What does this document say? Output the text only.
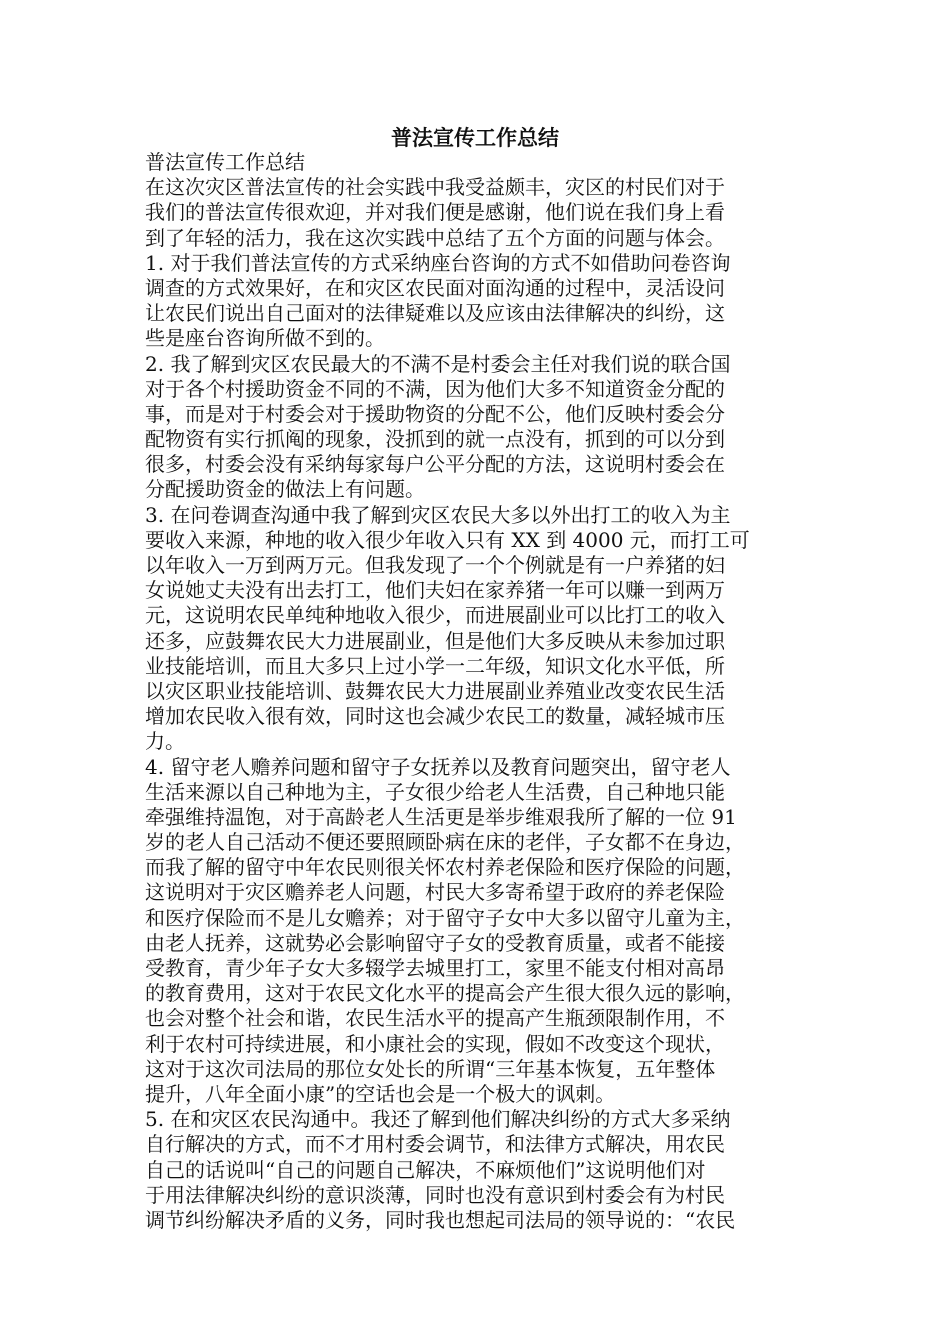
普法宣传工作总结
普法宣传工作总结
在这次灾区普法宣传的社会实践中我受益颇丰，灾区的村民们对于
我们的普法宣传很欢迎，并对我们便是感谢，他们说在我们身上看
到了年轻的活力，我在这次实践中总结了五个方面的问题与体会。
1. 对于我们普法宣传的方式采纳座台咨询的方式不如借助问卷咨询
调查的方式效果好，在和灾区农民面对面沟通的过程中，灵活设问
让农民们说出自己面对的法律疑难以及应该由法律解决的纠纷，这
些是座台咨询所做不到的。
2. 我了解到灾区农民最大的不满不是村委会主任对我们说的联合国
对于各个村援助资金不同的不满，因为他们大多不知道资金分配的
事，而是对于村委会对于援助物资的分配不公，他们反映村委会分
配物资有实行抓阄的现象，没抓到的就一点没有，抓到的可以分到
很多，村委会没有采纳每家每户公平分配的方法，这说明村委会在
分配援助资金的做法上有问题。
3. 在问卷调查沟通中我了解到灾区农民大多以外出打工的收入为主
要收入来源，种地的收入很少年收入只有 XX 到 4000 元，而打工可
以年收入一万到两万元。但我发现了一个个例就是有一户养猪的妇
女说她丈夫没有出去打工，他们夫妇在家养猪一年可以赚一到两万
元，这说明农民单纯种地收入很少，而进展副业可以比打工的收入
还多，应鼓舞农民大力进展副业，但是他们大多反映从未参加过职
业技能培训，而且大多只上过小学一二年级，知识文化水平低，所
以灾区职业技能培训、鼓舞农民大力进展副业养殖业改变农民生活
增加农民收入很有效，同时这也会减少农民工的数量，减轻城市压
力。
4. 留守老人赡养问题和留守子女抚养以及教育问题突出，留守老人
生活来源以自己种地为主，子女很少给老人生活费，自己种地只能
牵强维持温饱，对于高龄老人生活更是举步维艰我所了解的一位 91
岁的老人自己活动不便还要照顾卧病在床的老伴，子女都不在身边，
而我了解的留守中年农民则很关怀农村养老保险和医疗保险的问题，
这说明对于灾区赡养老人问题，村民大多寄希望于政府的养老保险
和医疗保险而不是儿女赡养；对于留守子女中大多以留守儿童为主，
由老人抚养，这就势必会影响留守子女的受教育质量，或者不能接
受教育，青少年子女大多辍学去城里打工，家里不能支付相对高昂
的教育费用，这对于农民文化水平的提高会产生很大很久远的影响，
也会对整个社会和谐，农民生活水平的提高产生瓶颈限制作用，不
利于农村可持续进展，和小康社会的实现，假如不改变这个现状，
这对于这次司法局的那位女处长的所谓“三年基本恢复，五年整体
提升，八年全面小康”的空话也会是一个极大的讽刺。
5. 在和灾区农民沟通中。我还了解到他们解决纠纷的方式大多采纳
自行解决的方式，而不才用村委会调节，和法律方式解决，用农民
自己的话说叫“自己的问题自己解决，不麻烦他们”这说明他们对
于用法律解决纠纷的意识淡薄，同时也没有意识到村委会有为村民
调节纠纷解决矛盾的义务，同时我也想起司法局的领导说的：“农民
